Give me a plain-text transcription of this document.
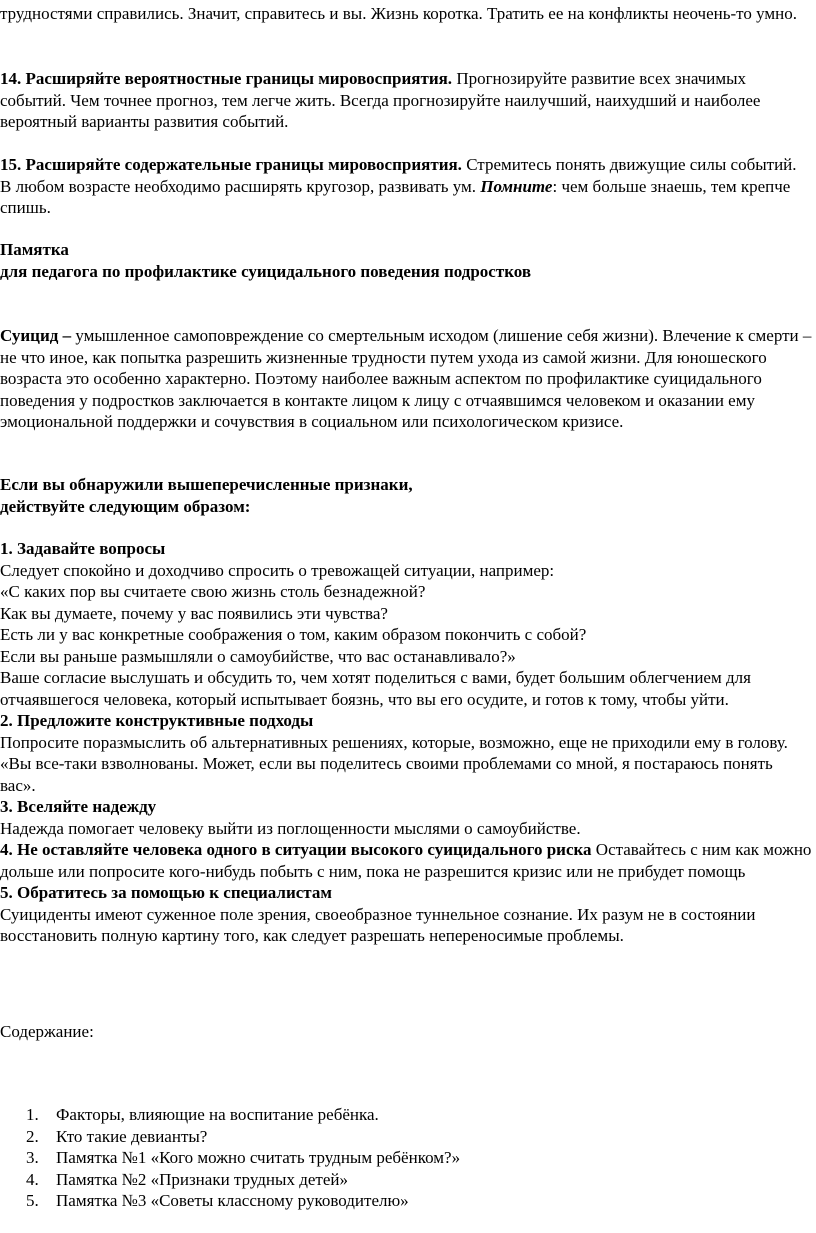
трудностями справились. Значит, справитесь и вы. Жизнь коротка. Тратить ее на конфликты неочень-то умно.

14. Расширяйте вероятностные границы мировосприятия. Прогнозируйте развитие всех значимых событий. Чем точнее прогноз, тем легче жить. Всегда прогнозируйте наилучший, наихудший и наиболее вероятный варианты развития событий.

15. Расширяйте содержательные границы мировосприятия. Стремитесь понять движущие силы событий. В любом возрасте необходимо расширять кругозор, развивать ум. Помните: чем больше знаешь, тем крепче спишь.

Памятка
для педагога по профилактике суицидального поведения подростков

Суицид – умышленное самоповреждение со смертельным исходом (лишение себя жизни). Влечение к смерти – не что иное, как попытка разрешить жизненные трудности путем ухода из самой жизни. Для юношеского возраста это особенно характерно. Поэтому наиболее важным аспектом по профилактике суицидального поведения у подростков заключается в контакте лицом к лицу с отчаявшимся человеком и оказании ему эмоциональной поддержки и сочувствия в социальном или психологическом кризисе.

Если вы обнаружили вышеперечисленные признаки,
действуйте следующим образом:

1. Задавайте вопросы

Следует спокойно и доходчиво спросить о тревожащей ситуации, например:

«С каких пор вы считаете свою жизнь столь безнадежной?

Как вы думаете, почему у вас появились эти чувства?

Есть ли у вас конкретные соображения о том, каким образом покончить с собой?

Если вы раньше размышляли о самоубийстве, что вас останавливало?»

Ваше согласие выслушать и обсудить то, чем хотят поделиться с вами, будет большим облегчением для отчаявшегося человека, который испытывает боязнь, что вы его осудите, и готов к тому, чтобы уйти.

2. Предложите конструктивные подходы

Попросите поразмыслить об альтернативных решениях, которые, возможно, еще не приходили ему в голову.

«Вы все-таки взволнованы. Может, если вы поделитесь своими проблемами со мной, я постараюсь понять вас».

3. Вселяйте надежду

Надежда помогает человеку выйти из поглощенности мыслями о самоубийстве.

4. Не оставляйте человека одного в ситуации высокого суицидального риска Оставайтесь с ним как можно дольше или попросите кого-нибудь побыть с ним, пока не разрешится кризис или не прибудет помощь

5. Обратитесь за помощью к специалистам

Суициденты имеют суженное поле зрения, своеобразное туннельное сознание. Их разум не в состоянии восстановить полную картину того, как следует разрешать непереносимые проблемы.

Содержание:

1. Факторы, влияющие на воспитание ребёнка.
2. Кто такие девианты?
3. Памятка №1 «Кого можно считать трудным ребёнком?»
4. Памятка №2 «Признаки трудных детей»
5. Памятка №3 «Советы классному руководителю»
